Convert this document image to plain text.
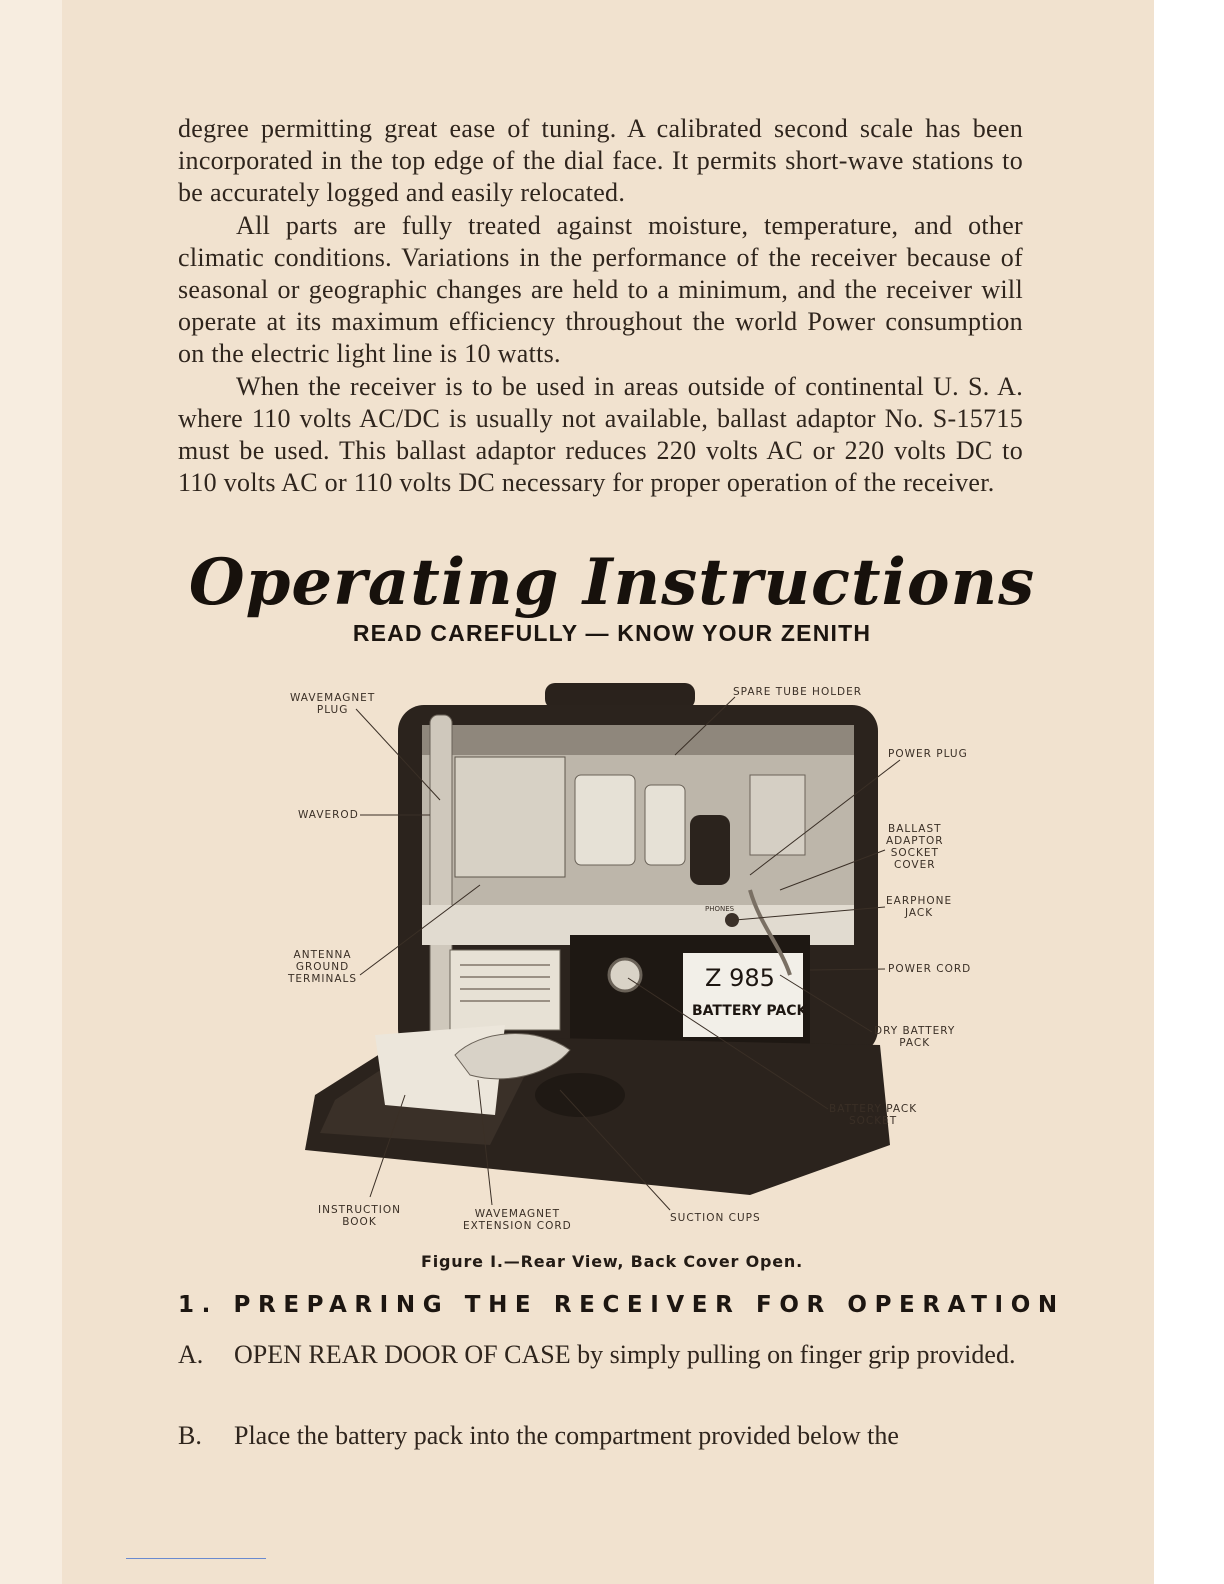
degree permitting great ease of tuning. A calibrated second scale has been incorporated in the top edge of the dial face. It permits short-wave stations to be accurately logged and easily relocated.

All parts are fully treated against moisture, temperature, and other climatic conditions. Variations in the performance of the receiver because of seasonal or geographic changes are held to a minimum, and the receiver will operate at its maximum efficiency throughout the world Power consumption on the electric light line is 10 watts.

When the receiver is to be used in areas outside of continental U. S. A. where 110 volts AC/DC is usually not available, ballast adaptor No. S-15715 must be used. This ballast adaptor reduces 220 volts AC or 220 volts DC to 110 volts AC or 110 volts DC necessary for proper operation of the receiver.

Operating Instructions
READ CAREFULLY — KNOW YOUR ZENITH
PHONES
Z 985
BATTERY PACK
WAVEMAGNET
PLUG
SPARE TUBE HOLDER
POWER PLUG
WAVEROD
BALLAST
ADAPTOR
SOCKET
COVER
EARPHONE
JACK
ANTENNA
GROUND
TERMINALS
POWER CORD
DRY BATTERY
PACK
BATTERY PACK
SOCKET
INSTRUCTION
BOOK
WAVEMAGNET
EXTENSION CORD
SUCTION CUPS
Figure I.—Rear View, Back Cover Open.
1. PREPARING THE RECEIVER FOR OPERATION
A.	OPEN REAR DOOR OF CASE by simply pulling on finger grip provided.
B.	Place the battery pack into the compartment provided below the
